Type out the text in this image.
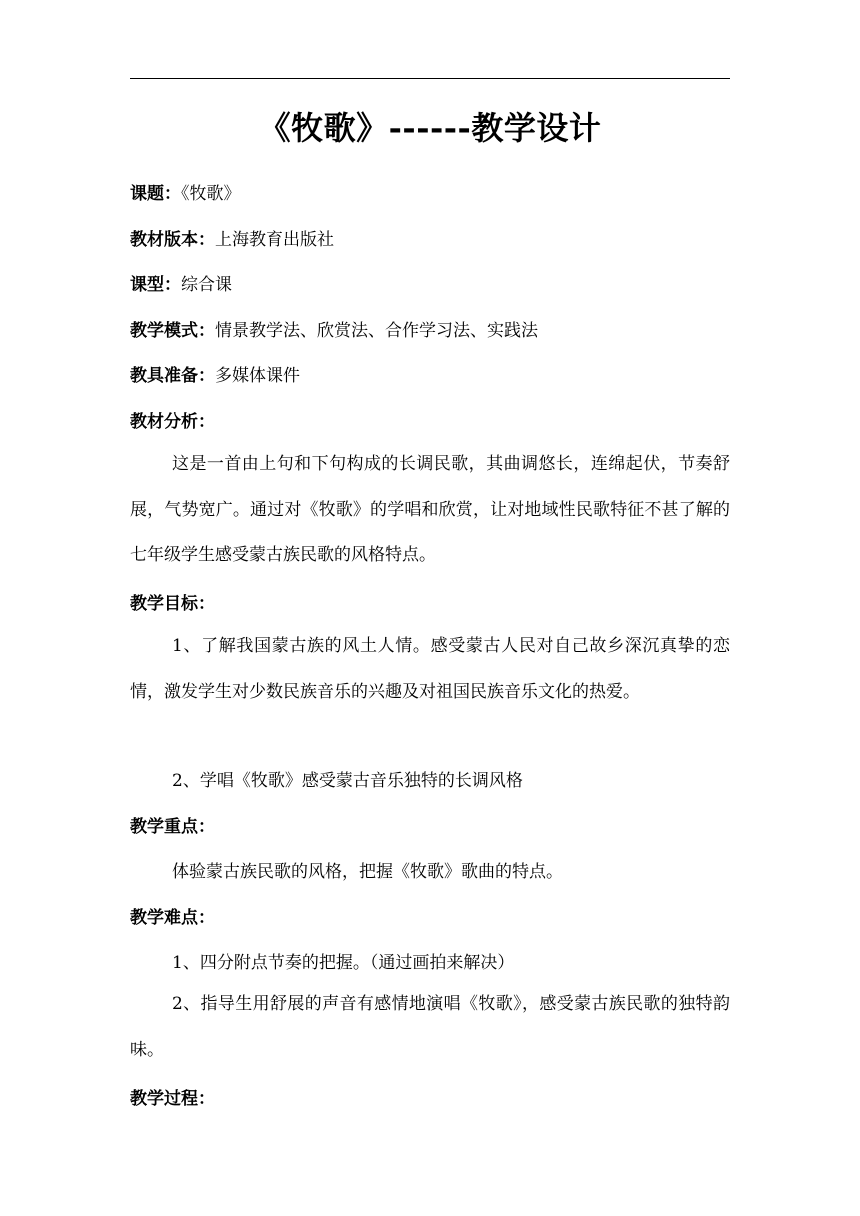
《牧歌》------教学设计
课题：《牧歌》
教材版本：上海教育出版社
课型：综合课
教学模式：情景教学法、欣赏法、合作学习法、实践法
教具准备：多媒体课件
教材分析：
这是一首由上句和下句构成的长调民歌，其曲调悠长，连绵起伏，节奏舒展，气势宽广。通过对《牧歌》的学唱和欣赏，让对地域性民歌特征不甚了解的七年级学生感受蒙古族民歌的风格特点。
教学目标：
1、了解我国蒙古族的风土人情。感受蒙古人民对自己故乡深沉真挚的恋情，激发学生对少数民族音乐的兴趣及对祖国民族音乐文化的热爱。
2、学唱《牧歌》感受蒙古音乐独特的长调风格
教学重点：
体验蒙古族民歌的风格，把握《牧歌》歌曲的特点。
教学难点：
1、四分附点节奏的把握。（通过画拍来解决）
2、指导生用舒展的声音有感情地演唱《牧歌》，感受蒙古族民歌的独特韵味。
教学过程：
